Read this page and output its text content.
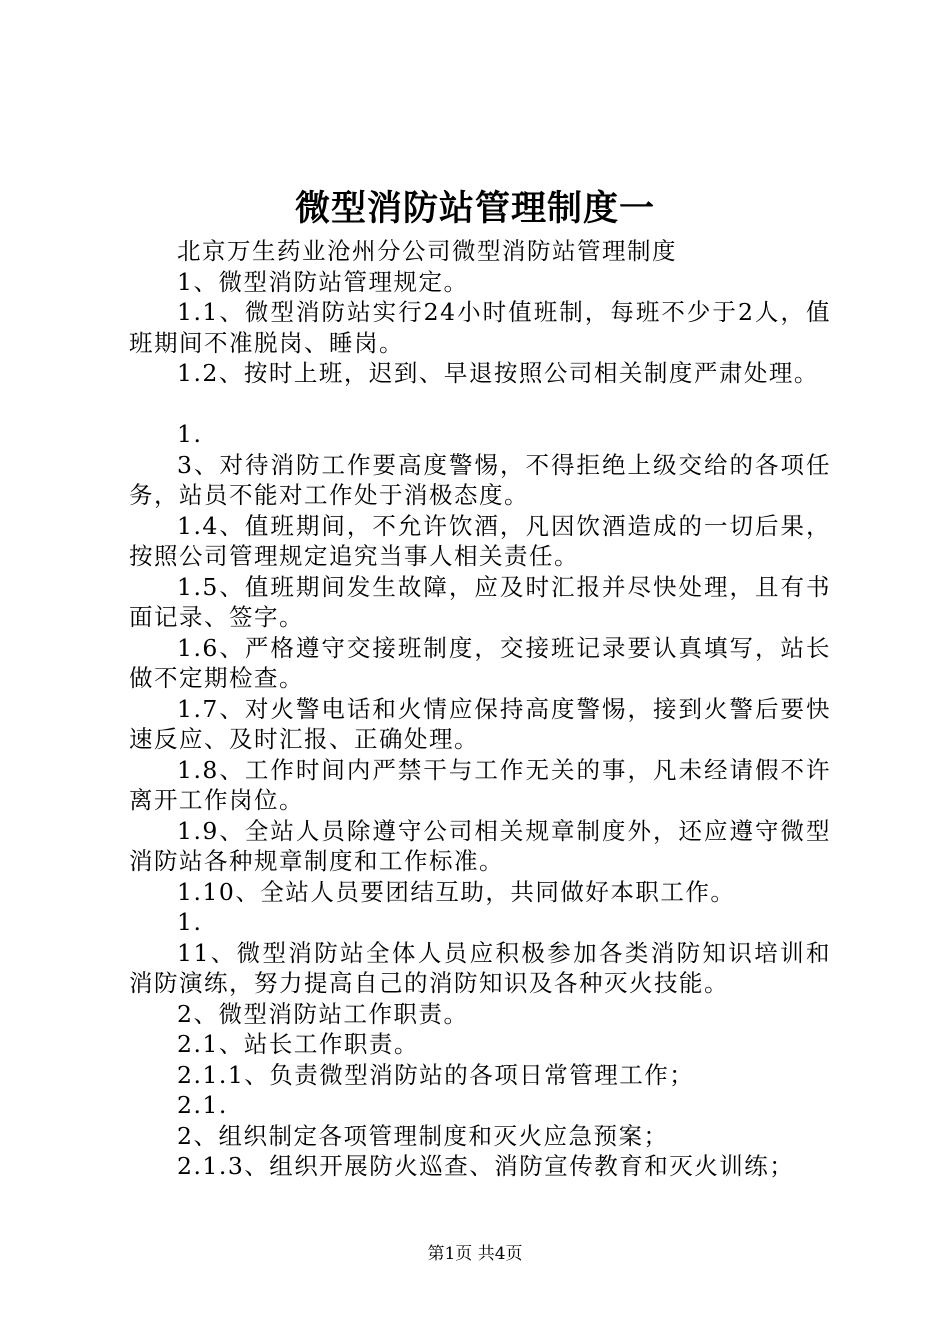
微型消防站管理制度一

北京万生药业沧州分公司微型消防站管理制度

1、微型消防站管理规定。

1.1、微型消防站实行24小时值班制，每班不少于2人，值班期间不准脱岗、睡岗。

1.2、按时上班，迟到、早退按照公司相关制度严肃处理。

1.

3、对待消防工作要高度警惕，不得拒绝上级交给的各项任务，站员不能对工作处于消极态度。

1.4、值班期间，不允许饮酒，凡因饮酒造成的一切后果，按照公司管理规定追究当事人相关责任。

1.5、值班期间发生故障，应及时汇报并尽快处理，且有书面记录、签字。

1.6、严格遵守交接班制度，交接班记录要认真填写，站长做不定期检查。

1.7、对火警电话和火情应保持高度警惕，接到火警后要快速反应、及时汇报、正确处理。

1.8、工作时间内严禁干与工作无关的事，凡未经请假不许离开工作岗位。

1.9、全站人员除遵守公司相关规章制度外，还应遵守微型消防站各种规章制度和工作标准。

1.10、全站人员要团结互助，共同做好本职工作。

1.

11、微型消防站全体人员应积极参加各类消防知识培训和消防演练，努力提高自己的消防知识及各种灭火技能。

2、微型消防站工作职责。

2.1、站长工作职责。

2.1.1、负责微型消防站的各项日常管理工作；

2.1.

2、组织制定各项管理制度和灭火应急预案；

2.1.3、组织开展防火巡查、消防宣传教育和灭火训练；

第1页 共4页
